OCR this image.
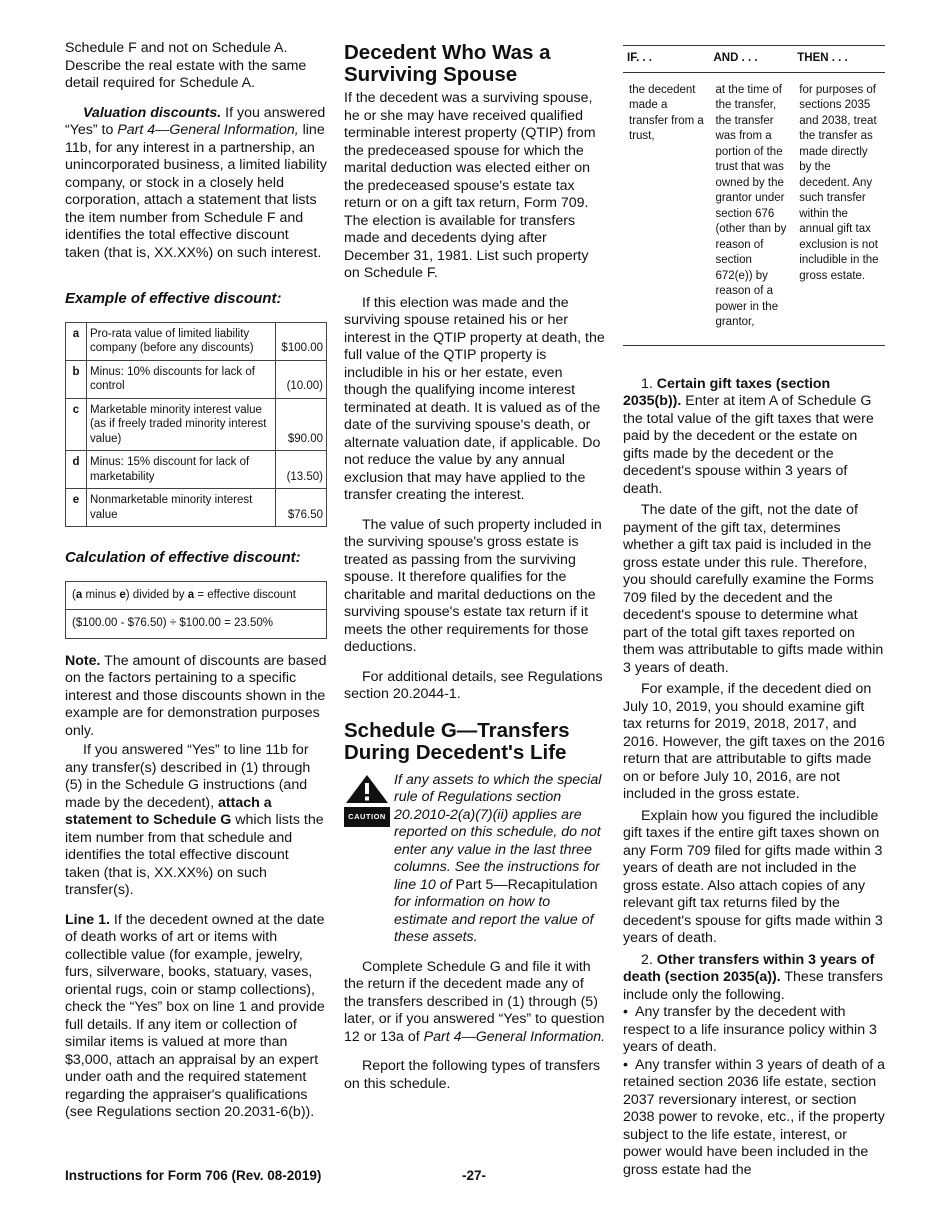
Schedule F and not on Schedule A. Describe the real estate with the same detail required for Schedule A.

Valuation discounts. If you answered “Yes” to Part 4—General Information, line 11b, for any interest in a partnership, an unincorporated business, a limited liability company, or stock in a closely held corporation, attach a statement that lists the item number from Schedule F and identifies the total effective discount taken (that is, XX.XX%) on such interest.

Example of effective discount:
a	Pro-rata value of limited liability company (before any discounts)	$100.00
b	Minus: 10% discounts for lack of control	(10.00)
c	Marketable minority interest value (as if freely traded minority interest value)	$90.00
d	Minus: 15% discount for lack of marketability	(13.50)
e	Nonmarketable minority interest value	$76.50
Calculation of effective discount:
(a minus e) divided by a = effective discount
($100.00 - $76.50) ÷ $100.00 = 23.50%

Note. The amount of discounts are based on the factors pertaining to a specific interest and those discounts shown in the example are for demonstration purposes only.

If you answered “Yes” to line 11b for any transfer(s) described in (1) through (5) in the Schedule G instructions (and made by the decedent), attach a statement to Schedule G which lists the item number from that schedule and identifies the total effective discount taken (that is, XX.XX%) on such transfer(s).

Line 1. If the decedent owned at the date of death works of art or items with collectible value (for example, jewelry, furs, silverware, books, statuary, vases, oriental rugs, coin or stamp collections), check the “Yes” box on line 1 and provide full details. If any item or collection of similar items is valued at more than $3,000, attach an appraisal by an expert under oath and the required statement regarding the appraiser's qualifications (see Regulations section 20.2031-6(b)).

Decedent Who Was a Surviving Spouse

If the decedent was a surviving spouse, he or she may have received qualified terminable interest property (QTIP) from the predeceased spouse for which the marital deduction was elected either on the predeceased spouse's estate tax return or on a gift tax return, Form 709. The election is available for transfers made and decedents dying after December 31, 1981. List such property on Schedule F.

If this election was made and the surviving spouse retained his or her interest in the QTIP property at death, the full value of the QTIP property is includible in his or her estate, even though the qualifying income interest terminated at death. It is valued as of the date of the surviving spouse's death, or alternate valuation date, if applicable. Do not reduce the value by any annual exclusion that may have applied to the transfer creating the interest.

The value of such property included in the surviving spouse's gross estate is treated as passing from the surviving spouse. It therefore qualifies for the charitable and marital deductions on the surviving spouse's estate tax return if it meets the other requirements for those deductions.

For additional details, see Regulations section 20.2044-1.

Schedule G—Transfers During Decedent's Life
CAUTION
If any assets to which the special rule of Regulations section 20.2010-2(a)(7)(ii) applies are reported on this schedule, do not enter any value in the last three columns. See the instructions for line 10 of Part 5—Recapitulation for information on how to estimate and report the value of these assets.

Complete Schedule G and file it with the return if the decedent made any of the transfers described in (1) through (5) later, or if you answered “Yes” to question 12 or 13a of Part 4—General Information.

Report the following types of transfers on this schedule.

IF. . .	AND . . .	THEN . . .
the decedent made a transfer from a trust,	at the time of the transfer, the transfer was from a portion of the trust that was owned by the grantor under section 676 (other than by reason of section 672(e)) by reason of a power in the grantor,	for purposes of sections 2035 and 2038, treat the transfer as made directly by the decedent. Any such transfer within the annual gift tax exclusion is not includible in the gross estate.

1. Certain gift taxes (section 2035(b)). Enter at item A of Schedule G the total value of the gift taxes that were paid by the decedent or the estate on gifts made by the decedent or the decedent's spouse within 3 years of death.

The date of the gift, not the date of payment of the gift tax, determines whether a gift tax paid is included in the gross estate under this rule. Therefore, you should carefully examine the Forms 709 filed by the decedent and the decedent's spouse to determine what part of the total gift taxes reported on them was attributable to gifts made within 3 years of death.

For example, if the decedent died on July 10, 2019, you should examine gift tax returns for 2019, 2018, 2017, and 2016. However, the gift taxes on the 2016 return that are attributable to gifts made on or before July 10, 2016, are not included in the gross estate.

Explain how you figured the includible gift taxes if the entire gift taxes shown on any Form 709 filed for gifts made within 3 years of death are not included in the gross estate. Also attach copies of any relevant gift tax returns filed by the decedent's spouse for gifts made within 3 years of death.

2. Other transfers within 3 years of death (section 2035(a)). These transfers include only the following.

• Any transfer by the decedent with respect to a life insurance policy within 3 years of death.

• Any transfer within 3 years of death of a retained section 2036 life estate, section 2037 reversionary interest, or section 2038 power to revoke, etc., if the property subject to the life estate, interest, or power would have been included in the gross estate had the

Instructions for Form 706 (Rev. 08-2019)	-27-
